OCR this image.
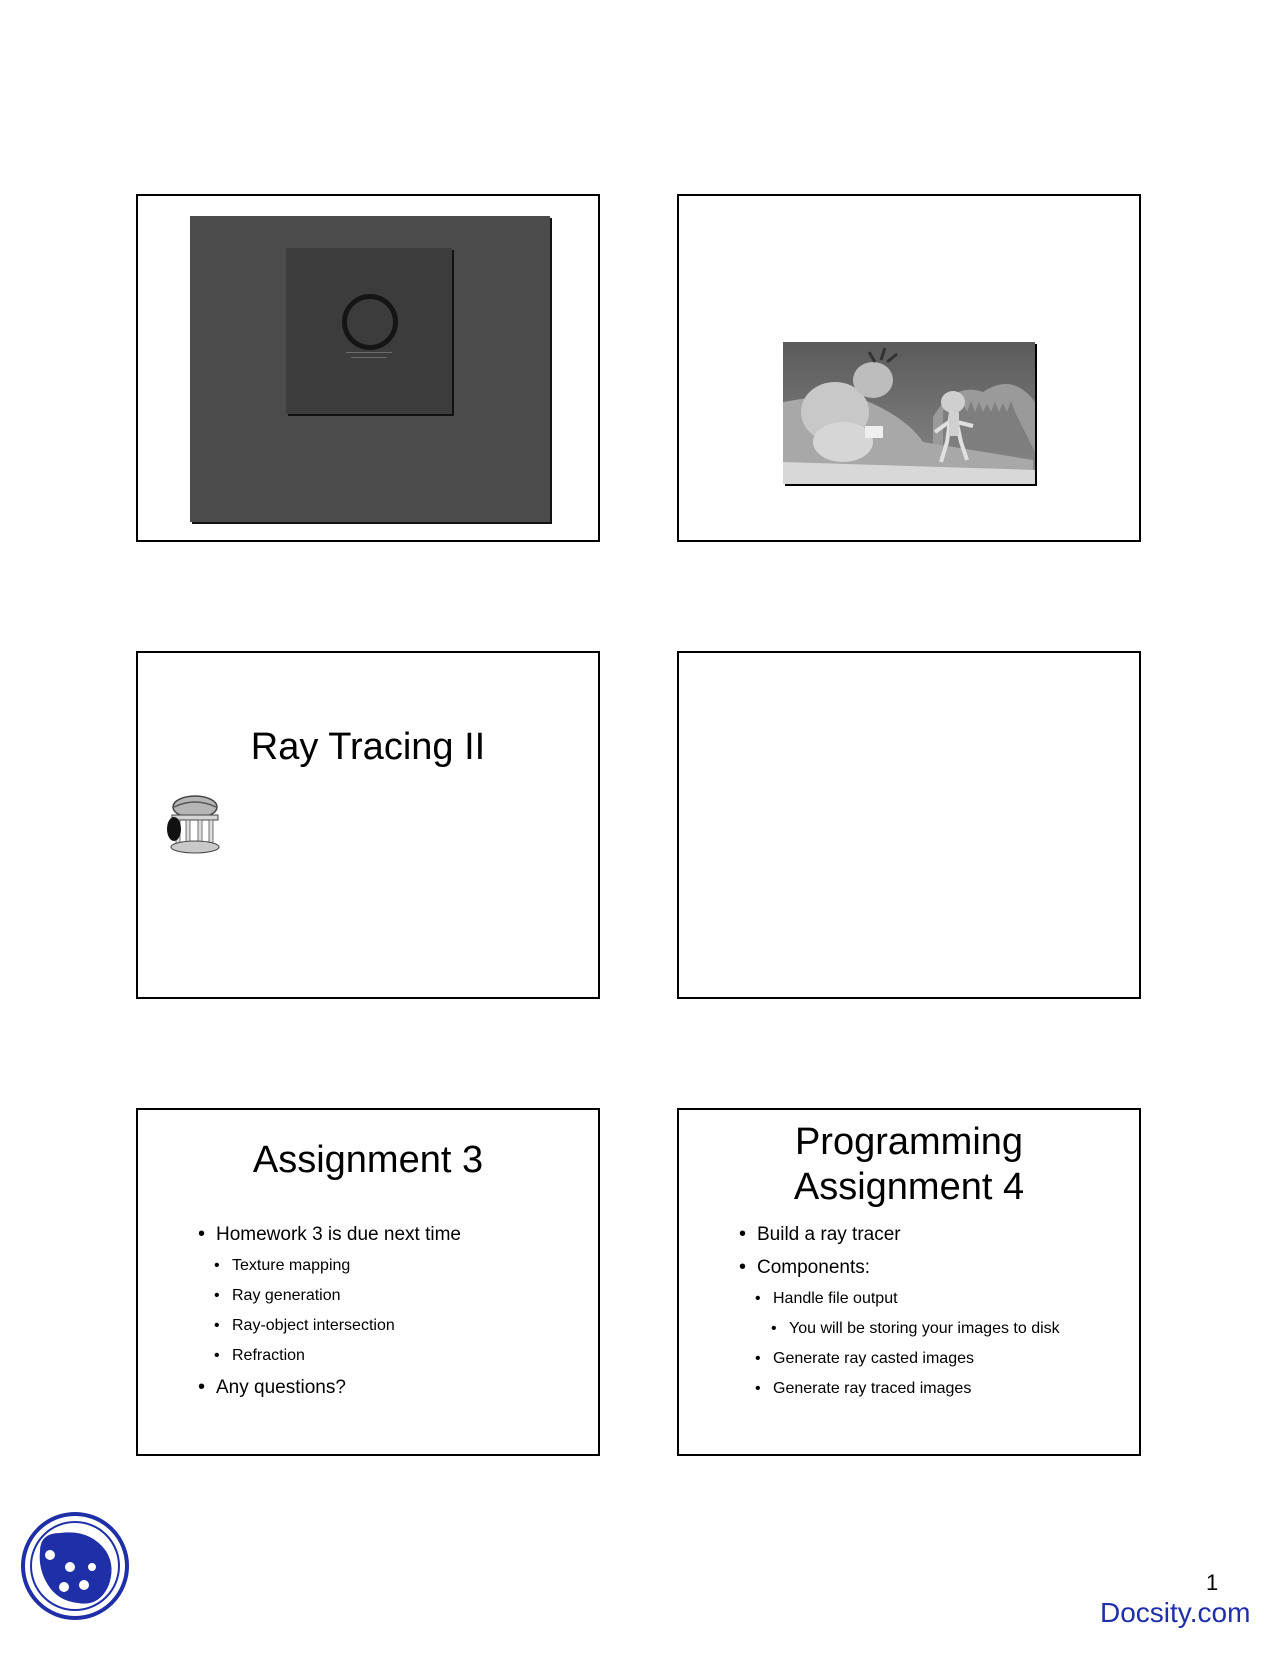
Ray Tracing II
Assignment 3
• Homework 3 is due next time
• Texture mapping
• Ray generation
• Ray-object intersection
• Refraction
• Any questions?
Programming
Assignment 4
• Build a ray tracer
• Components:
• Handle file output
• You will be storing your images to disk
• Generate ray casted images
• Generate ray traced images
1
Docsity.com
